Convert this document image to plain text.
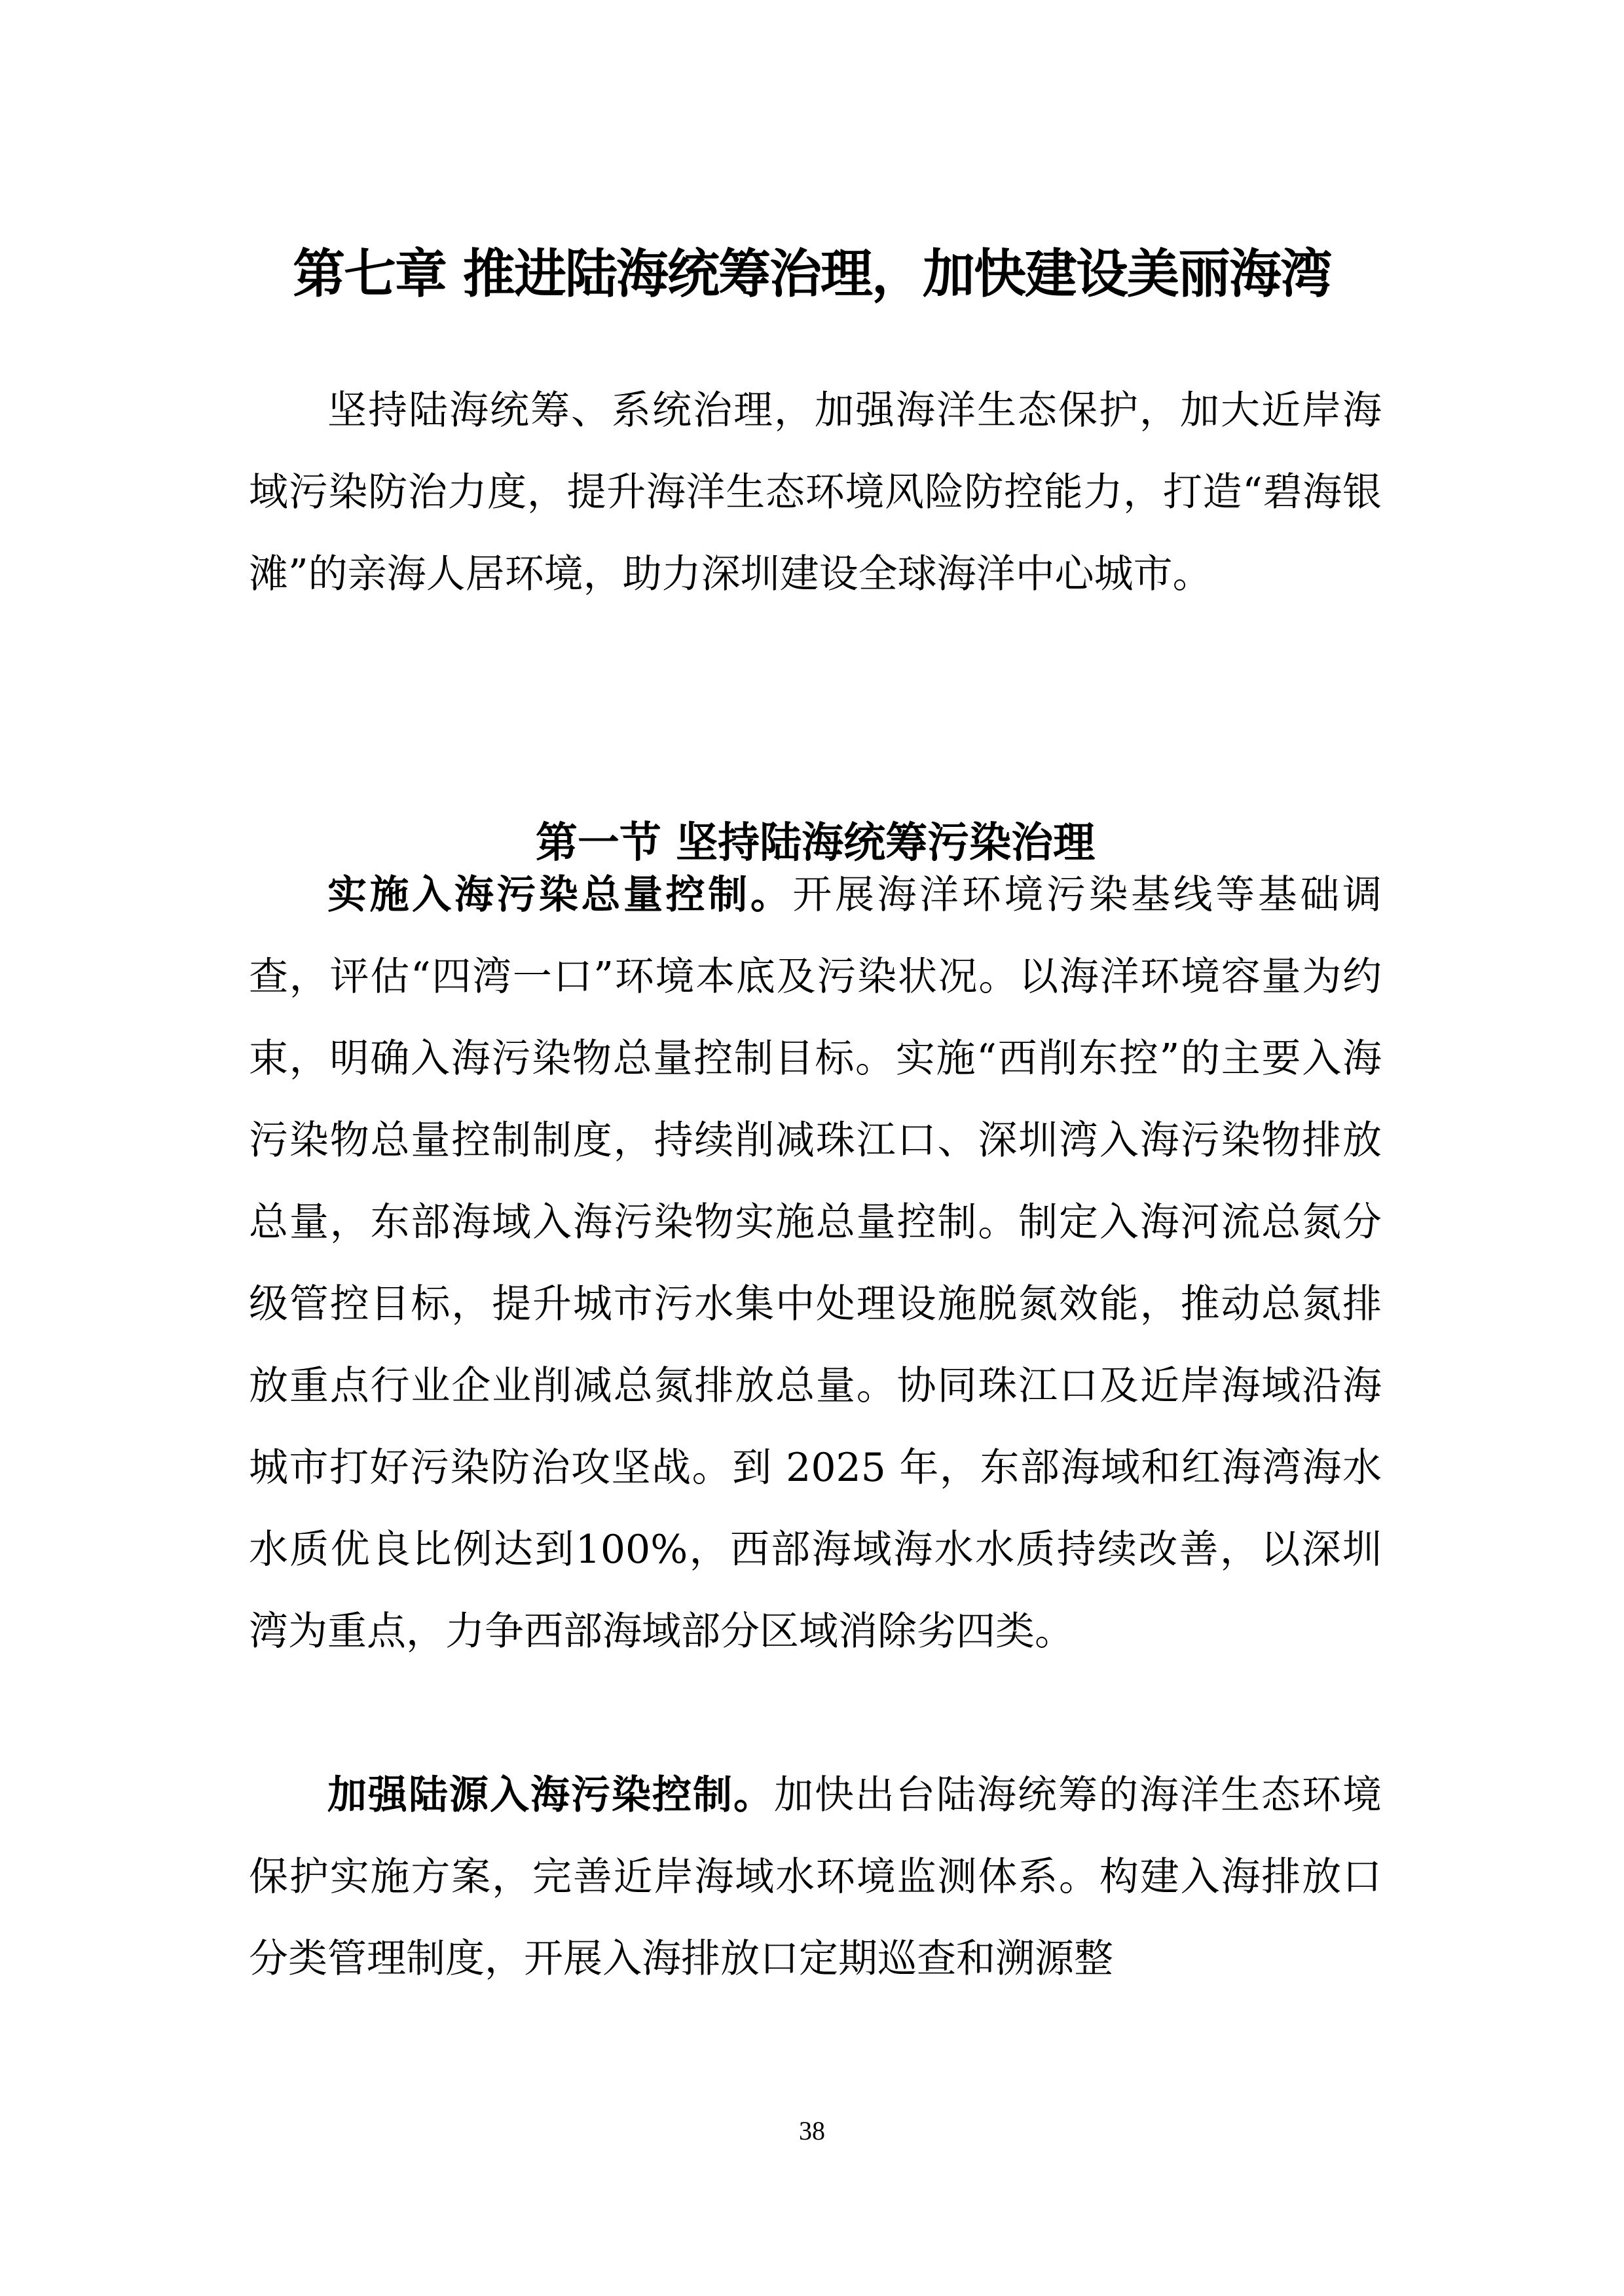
第七章 推进陆海统筹治理，加快建设美丽海湾

坚持陆海统筹、系统治理，加强海洋生态保护，加大近岸海域污染防治力度，提升海洋生态环境风险防控能力，打造“碧海银滩”的亲海人居环境，助力深圳建设全球海洋中心城市。

第一节 坚持陆海统筹污染治理

实施入海污染总量控制。开展海洋环境污染基线等基础调查，评估“四湾一口”环境本底及污染状况。以海洋环境容量为约束，明确入海污染物总量控制目标。实施“西削东控”的主要入海污染物总量控制制度，持续削减珠江口、深圳湾入海污染物排放总量，东部海域入海污染物实施总量控制。制定入海河流总氮分级管控目标，提升城市污水集中处理设施脱氮效能，推动总氮排放重点行业企业削减总氮排放总量。协同珠江口及近岸海域沿海城市打好污染防治攻坚战。到 2025 年，东部海域和红海湾海水水质优良比例达到100%，西部海域海水水质持续改善，以深圳湾为重点，力争西部海域部分区域消除劣四类。

加强陆源入海污染控制。加快出台陆海统筹的海洋生态环境保护实施方案，完善近岸海域水环境监测体系。构建入海排放口分类管理制度，开展入海排放口定期巡查和溯源整

38
